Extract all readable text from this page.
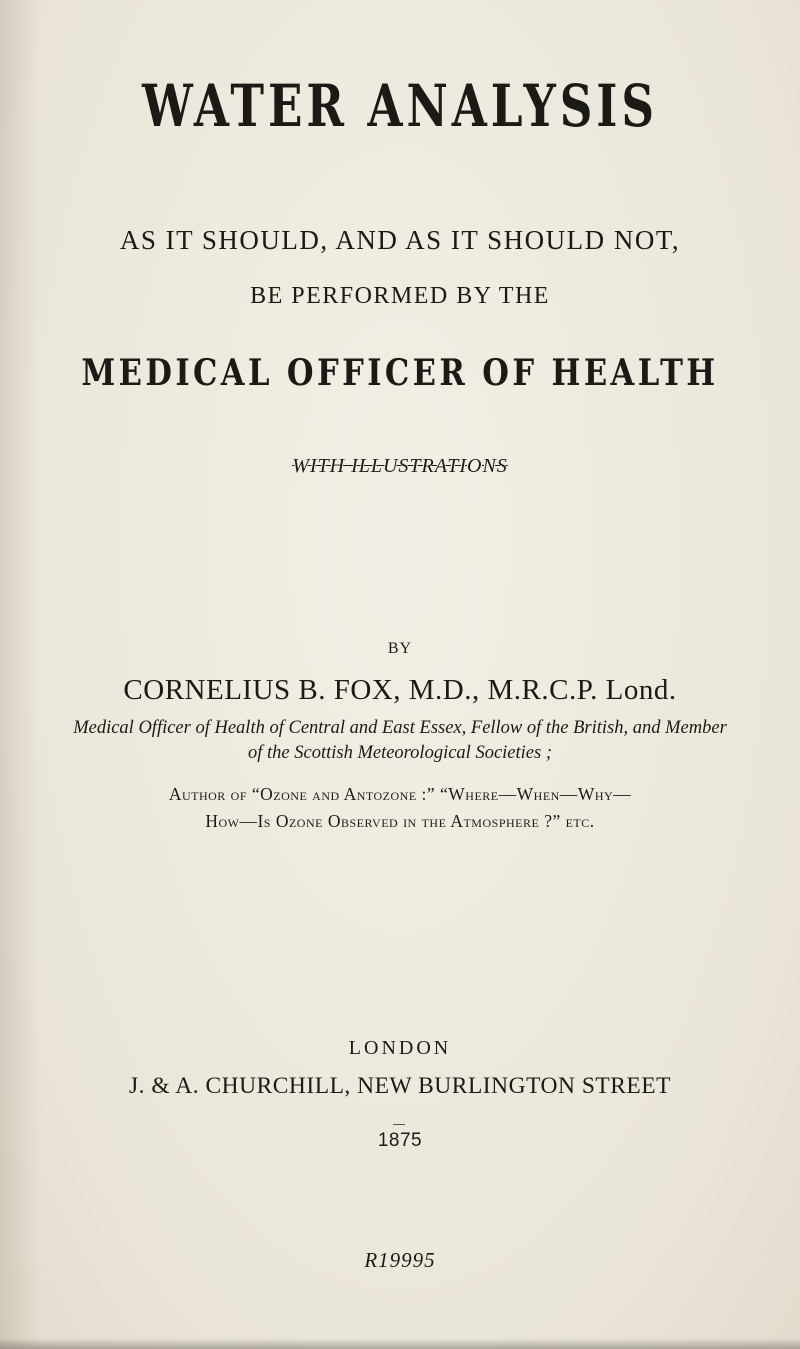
WATER ANALYSIS
AS IT SHOULD, AND AS IT SHOULD NOT,
BE PERFORMED BY THE
MEDICAL OFFICER OF HEALTH
WITH ILLUSTRATIONS
BY
CORNELIUS B. FOX, M.D., M.R.C.P. Lond.
Medical Officer of Health of Central and East Essex, Fellow of the British, and Member
of the Scottish Meteorological Societies ;
Author of “Ozone and Antozone :” “Where—When—Why—
How—Is Ozone Observed in the Atmosphere ?” etc.
LONDON
J. & A. CHURCHILL, NEW BURLINGTON STREET
1875
R19995
